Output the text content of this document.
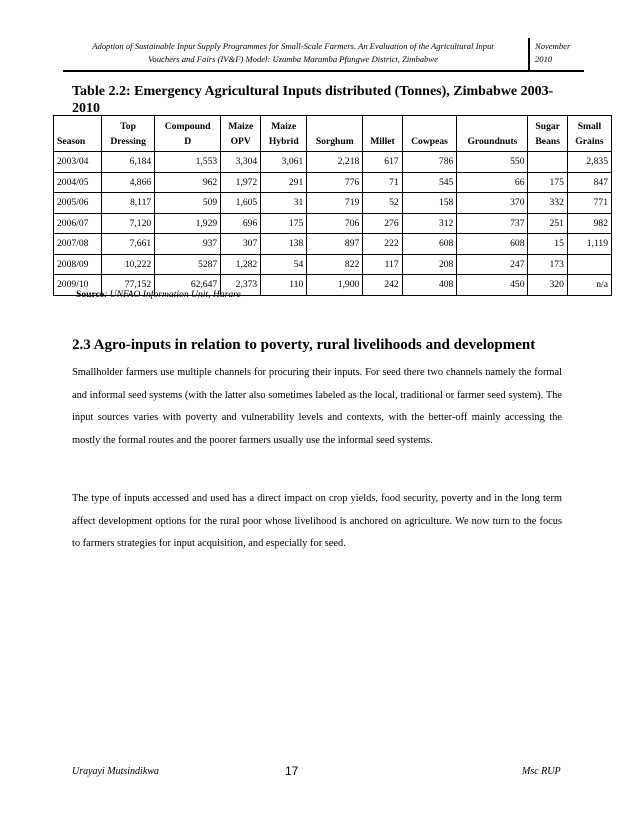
Adoption of Sustainable Input Supply Programmes for Small-Scale Farmers. An Evaluation of the Agricultural Input
Vouchers and Fairs (IV&F) Model: Uzumba Maramba Pfungwe District, Zimbabwe
November
2010

Table 2.2: Emergency Agricultural Inputs distributed (Tonnes), Zimbabwe 2003-2010

	Top	Compound	Maize	Maize					Sugar	Small
Season	Dressing	D	OPV	Hybrid	Sorghum	Millet	Cowpeas	Groundnuts	Beans	Grains
2003/04	6,184	1,553	3,304	3,061	2,218	617	786	550		2,835
2004/05	4,866	962	1,972	291	776	71	545	66	175	847
2005/06	8,117	509	1,605	31	719	52	158	370	332	771
2006/07	7,120	1,929	696	175	706	276	312	737	251	982
2007/08	7,661	937	307	138	897	222	608	608	15	1,119
2008/09	10,222	5287	1,282	54	822	117	208	247	173	
2009/10	77,152	62,647	2,373	110	1,900	242	408	450	320	n/a
Source: UNFAO Information Unit, Harare
2.3 Agro-inputs in relation to poverty, rural livelihoods and development

Smallholder farmers use multiple channels for procuring their inputs. For seed there two channels namely the formal and informal seed systems (with the latter also sometimes labeled as the local, traditional or farmer seed system). The input sources varies with poverty and vulnerability levels and contexts, with the better-off mainly accessing the mostly the formal routes and the poorer farmers usually use the informal seed systems.

The type of inputs accessed and used has a direct impact on crop yields, food security, poverty and in the long term affect development options for the rural poor whose livelihood is anchored on agriculture. We now turn to the focus to farmers strategies for input acquisition, and especially for seed.

Urayayi Mutsindikwa	17	Msc RUP
